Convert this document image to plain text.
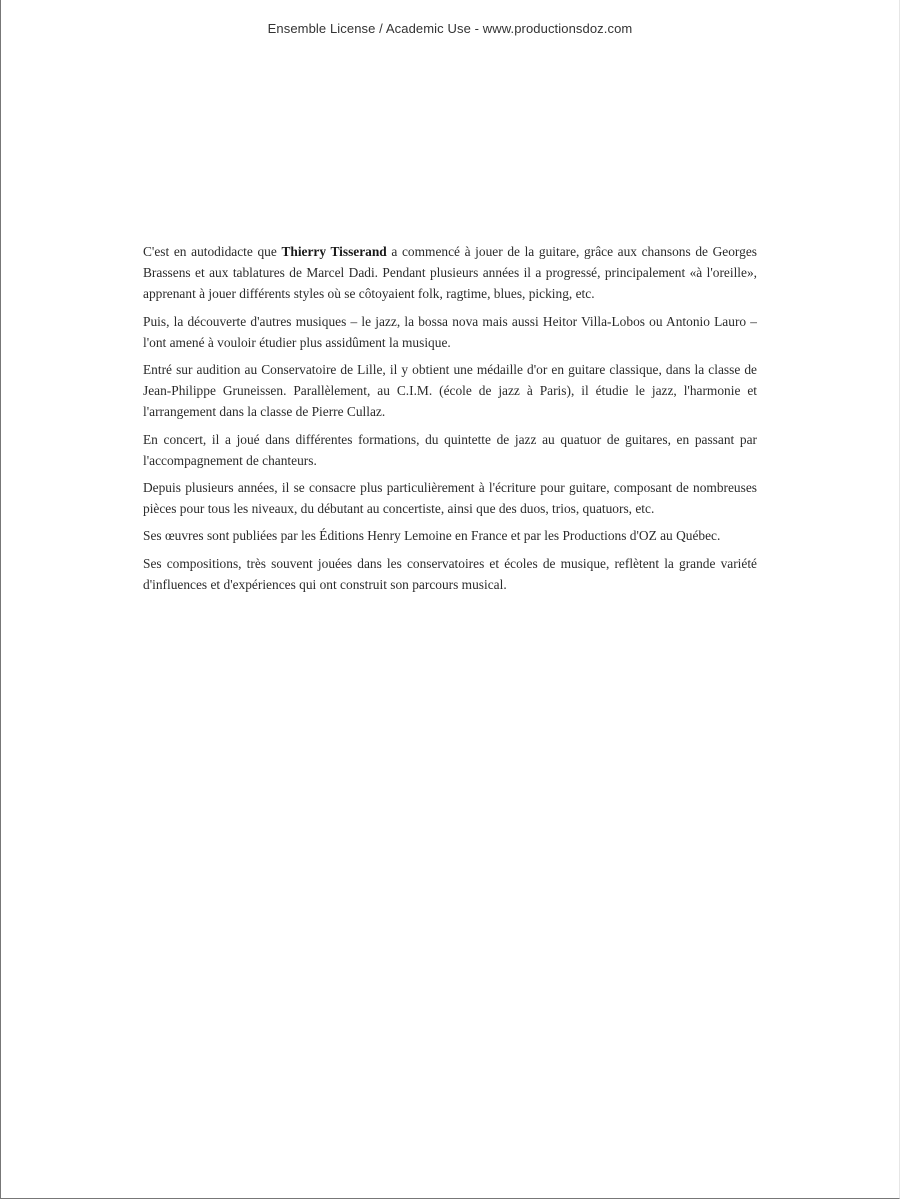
Ensemble License / Academic Use - www.productionsdoz.com

C'est en autodidacte que Thierry Tisserand a commencé à jouer de la guitare, grâce aux chansons de Georges Brassens et aux tablatures de Marcel Dadi. Pendant plusieurs années il a progressé, principalement «à l'oreille», apprenant à jouer différents styles où se côtoyaient folk, ragtime, blues, picking, etc.

Puis, la découverte d'autres musiques – le jazz, la bossa nova mais aussi Heitor Villa-Lobos ou Antonio Lauro – l'ont amené à vouloir étudier plus assidûment la musique.

Entré sur audition au Conservatoire de Lille, il y obtient une médaille d'or en guitare classique, dans la classe de Jean-Philippe Gruneissen. Parallèlement, au C.I.M. (école de jazz à Paris), il étudie le jazz, l'harmonie et l'arrangement dans la classe de Pierre Cullaz.

En concert, il a joué dans différentes formations, du quintette de jazz au quatuor de guitares, en passant par l'accompagnement de chanteurs.

Depuis plusieurs années, il se consacre plus particulièrement à l'écriture pour guitare, composant de nombreuses pièces pour tous les niveaux, du débutant au concertiste, ainsi que des duos, trios, quatuors, etc.

Ses œuvres sont publiées par les Éditions Henry Lemoine en France et par les Productions d'OZ au Québec.

Ses compositions, très souvent jouées dans les conservatoires et écoles de musique, reflètent la grande variété d'influences et d'expériences qui ont construit son parcours musical.
